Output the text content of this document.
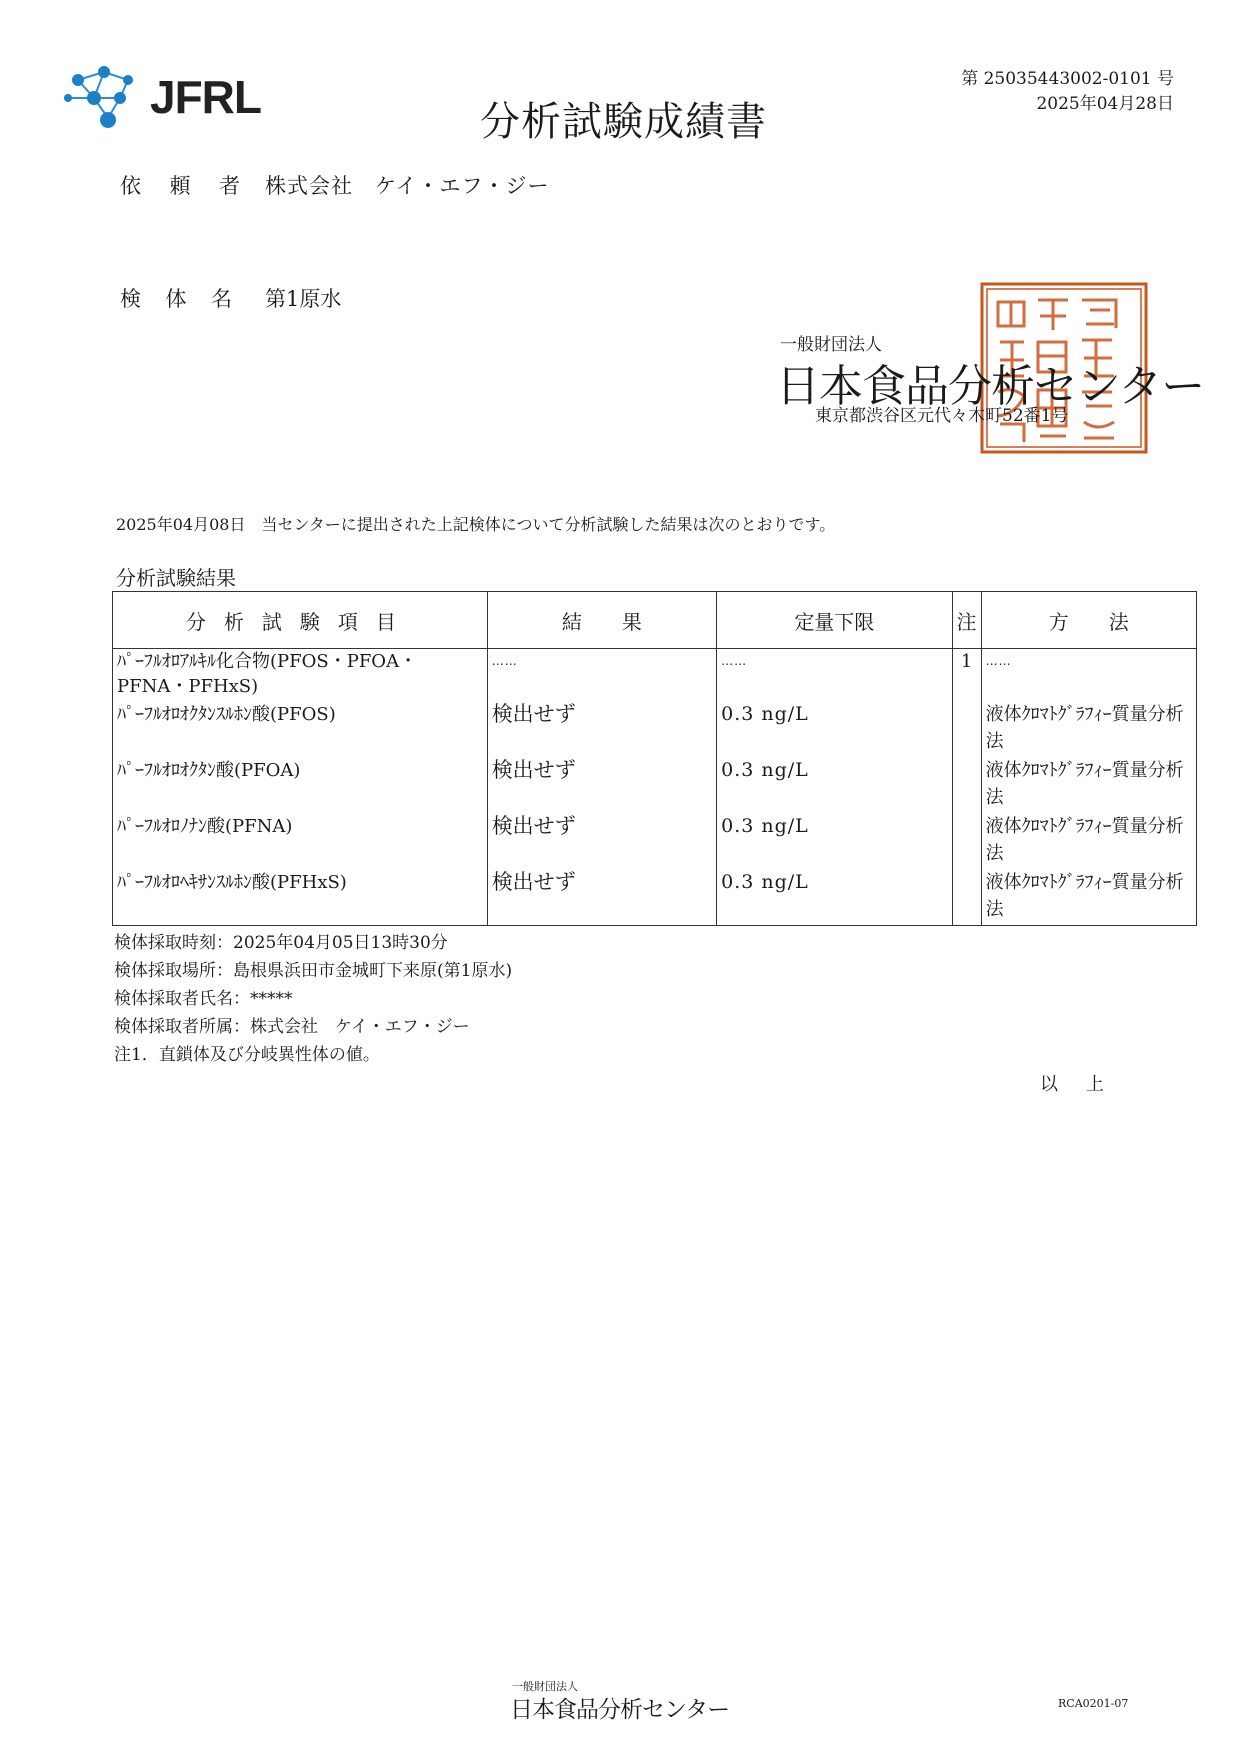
JFRL	分析試験成績書
第 25035443002-0101 号
2025年04月28日
依 頼 者 株式会社　ケイ・エフ・ジー
検 体 名 第1原水
一般財団法人
日本食品分析センター
東京都渋谷区元代々木町52番1号
2025年04月08日　当センターに提出された上記検体について分析試験した結果は次のとおりです。
分析試験結果
分析試験項目	結　　果	定量下限	注	方　　法
ﾊﾟｰﾌﾙｵﾛｱﾙｷﾙ化合物(PFOS・PFOA・PFNA・PFHxS)	……	……	1	……
ﾊﾟｰﾌﾙｵﾛｵｸﾀﾝｽﾙﾎﾝ酸(PFOS)	検出せず	0.3 ng/L		液体ｸﾛﾏﾄｸﾞﾗﾌｨｰ質量分析法
ﾊﾟｰﾌﾙｵﾛｵｸﾀﾝ酸(PFOA)	検出せず	0.3 ng/L		液体ｸﾛﾏﾄｸﾞﾗﾌｨｰ質量分析法
ﾊﾟｰﾌﾙｵﾛﾉﾅﾝ酸(PFNA)	検出せず	0.3 ng/L		液体ｸﾛﾏﾄｸﾞﾗﾌｨｰ質量分析法
ﾊﾟｰﾌﾙｵﾛﾍｷｻﾝｽﾙﾎﾝ酸(PFHxS)	検出せず	0.3 ng/L		液体ｸﾛﾏﾄｸﾞﾗﾌｨｰ質量分析法
検体採取時刻：2025年04月05日13時30分
検体採取場所：島根県浜田市金城町下来原(第1原水)
検体採取者氏名：*****
検体採取者所属：株式会社　ケイ・エフ・ジー
注1．直鎖体及び分岐異性体の値。
以上
一般財団法人
日本食品分析センター	RCA0201-07
